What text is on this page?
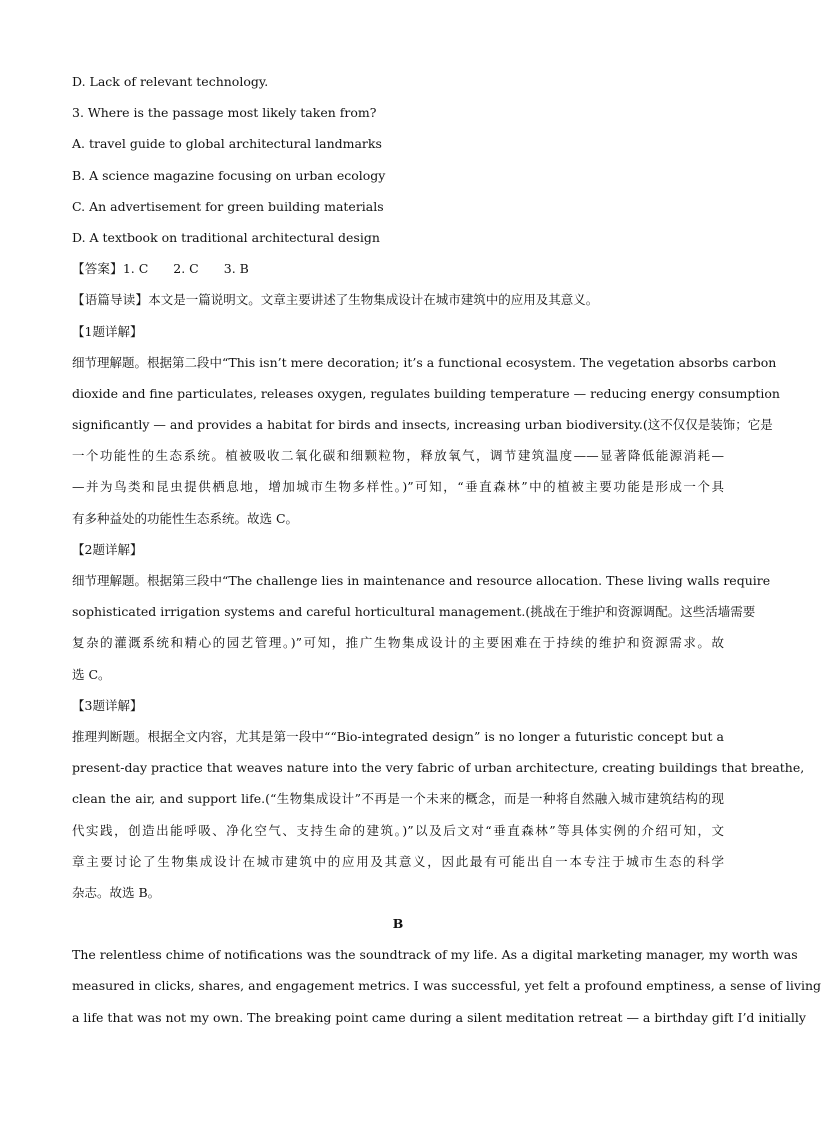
D. Lack of relevant technology.
3. Where is the passage most likely taken from?
A. travel guide to global architectural landmarks
B. A science magazine focusing on urban ecology
C. An advertisement for green building materials
D. A textbook on traditional architectural design
【答案】1. C  2. C  3. B
【语篇导读】本文是一篇说明文。文章主要讲述了生物集成设计在城市建筑中的应用及其意义。
【1题详解】
细节理解题。根据第二段中“This isn’t mere decoration; it’s a functional ecosystem. The vegetation absorbs carbon
dioxide and fine particulates, releases oxygen, regulates building temperature — reducing energy consumption
significantly — and provides a habitat for birds and insects, increasing urban biodiversity.(这不仅仅是装饰；它是
一个功能性的生态系统。植被吸收二氧化碳和细颗粒物，释放氧气，调节建筑温度——显著降低能源消耗—
—并为鸟类和昆虫提供栖息地，增加城市生物多样性。)”可知，“垂直森林”中的植被主要功能是形成一个具
有多种益处的功能性生态系统。故选 C。
【2题详解】
细节理解题。根据第三段中“The challenge lies in maintenance and resource allocation. These living walls require
sophisticated irrigation systems and careful horticultural management.(挑战在于维护和资源调配。这些活墙需要
复杂的灌溉系统和精心的园艺管理。)”可知，推广生物集成设计的主要困难在于持续的维护和资源需求。故
选 C。
【3题详解】
推理判断题。根据全文内容，尤其是第一段中““Bio-integrated design” is no longer a futuristic concept but a
present-day practice that weaves nature into the very fabric of urban architecture, creating buildings that breathe,
clean the air, and support life.(“生物集成设计”不再是一个未来的概念，而是一种将自然融入城市建筑结构的现
代实践，创造出能呼吸、净化空气、支持生命的建筑。)”以及后文对“垂直森林”等具体实例的介绍可知，文
章主要讨论了生物集成设计在城市建筑中的应用及其意义，因此最有可能出自一本专注于城市生态的科学
杂志。故选 B。
B
The relentless chime of notifications was the soundtrack of my life. As a digital marketing manager, my worth was
measured in clicks, shares, and engagement metrics. I was successful, yet felt a profound emptiness, a sense of living
a life that was not my own. The breaking point came during a silent meditation retreat — a birthday gift I’d initially
